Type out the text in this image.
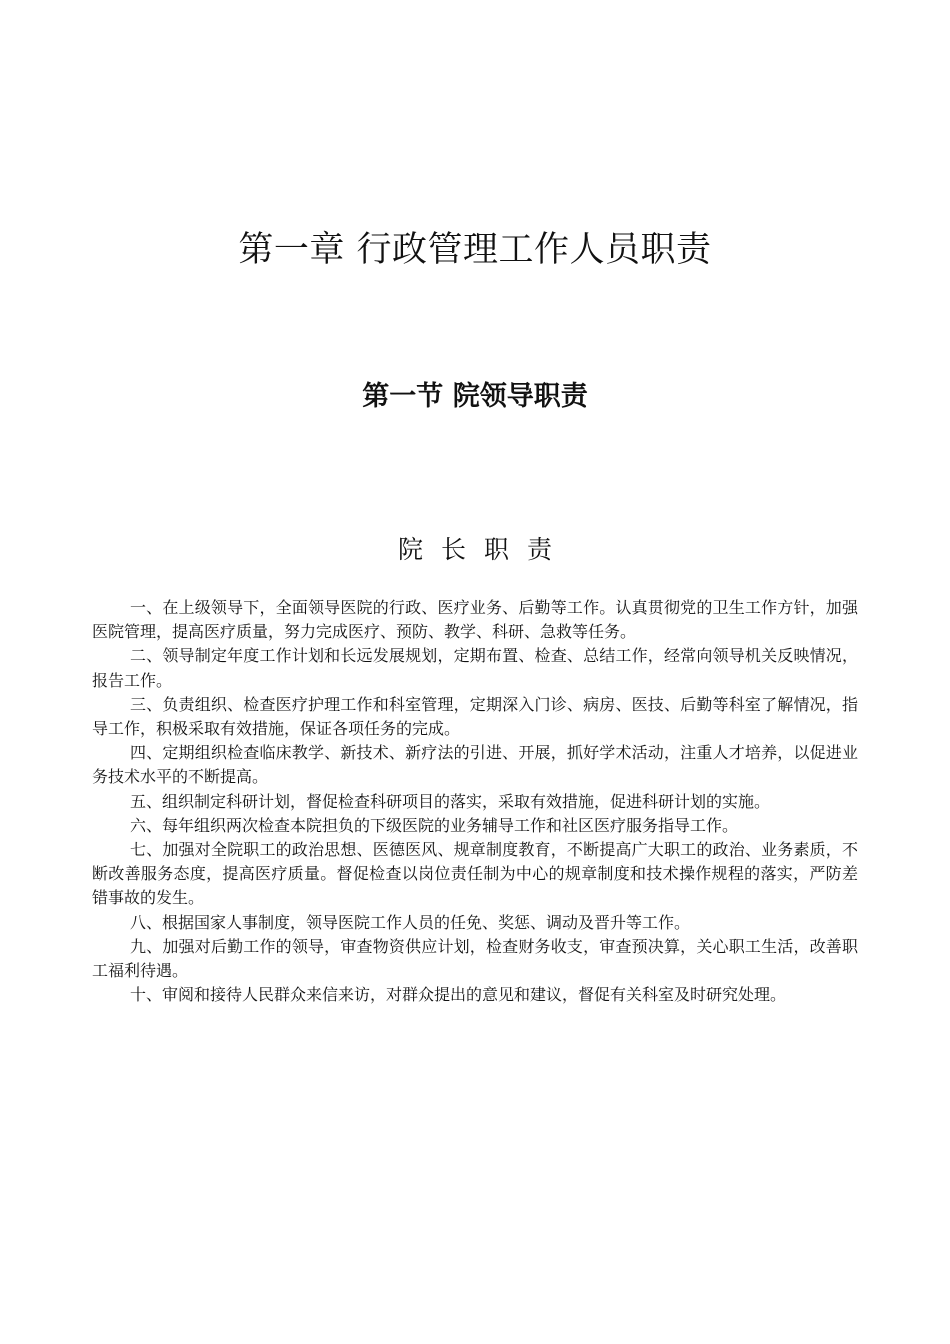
第一章 行政管理工作人员职责
第一节 院领导职责
院长职责

一、在上级领导下，全面领导医院的行政、医疗业务、后勤等工作。认真贯彻党的卫生工作方针，加强医院管理，提高医疗质量，努力完成医疗、预防、教学、科研、急救等任务。

二、领导制定年度工作计划和长远发展规划，定期布置、检查、总结工作，经常向领导机关反映情况，报告工作。

三、负责组织、检查医疗护理工作和科室管理，定期深入门诊、病房、医技、后勤等科室了解情况，指导工作，积极采取有效措施，保证各项任务的完成。

四、定期组织检查临床教学、新技术、新疗法的引进、开展，抓好学术活动，注重人才培养，以促进业务技术水平的不断提高。

五、组织制定科研计划，督促检查科研项目的落实，采取有效措施，促进科研计划的实施。

六、每年组织两次检查本院担负的下级医院的业务辅导工作和社区医疗服务指导工作。

七、加强对全院职工的政治思想、医德医风、规章制度教育，不断提高广大职工的政治、业务素质，不断改善服务态度，提高医疗质量。督促检查以岗位责任制为中心的规章制度和技术操作规程的落实，严防差错事故的发生。

八、根据国家人事制度，领导医院工作人员的任免、奖惩、调动及晋升等工作。

九、加强对后勤工作的领导，审查物资供应计划，检查财务收支，审查预决算，关心职工生活，改善职工福利待遇。

十、审阅和接待人民群众来信来访，对群众提出的意见和建议，督促有关科室及时研究处理。
